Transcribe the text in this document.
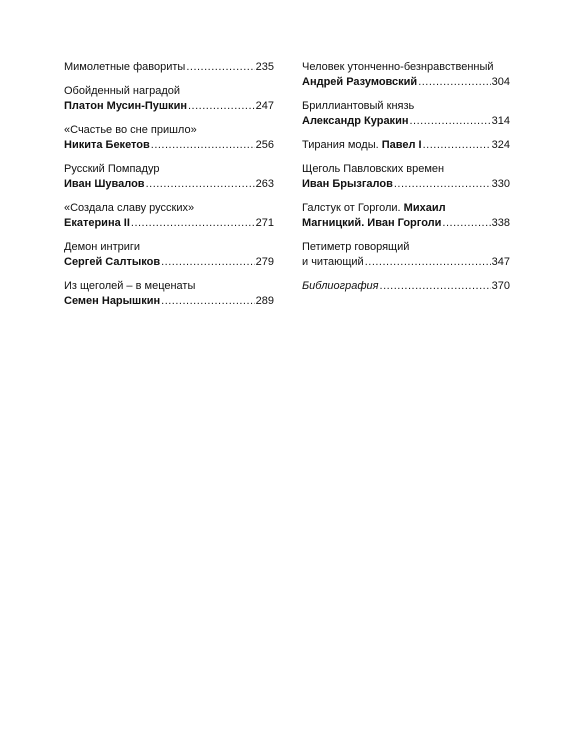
Мимолетные фавориты .....	235
Обойденный наградой
Платон Мусин-Пушкин .....	247
«Счастье во сне пришло»
Никита Бекетов .....	256
Русский Помпадур
Иван Шувалов .....	263
«Создала славу русских»
Екатерина II .....	271
Демон интриги
Сергей Салтыков .....	279
Из щеголей – в меценаты
Семен Нарышкин .....	289
Человек утонченно-безнравственный
Андрей Разумовский .....	304
Бриллиантовый князь
Александр Куракин .....	314
Тирания моды. Павел I .....	324
Щеголь Павловских времен
Иван Брызгалов .....	330
Галстук от Горголи. Михаил
Магницкий. Иван Горголи .....	338
Петиметр говорящий
и читающий .....	347
Библиография .....	370
